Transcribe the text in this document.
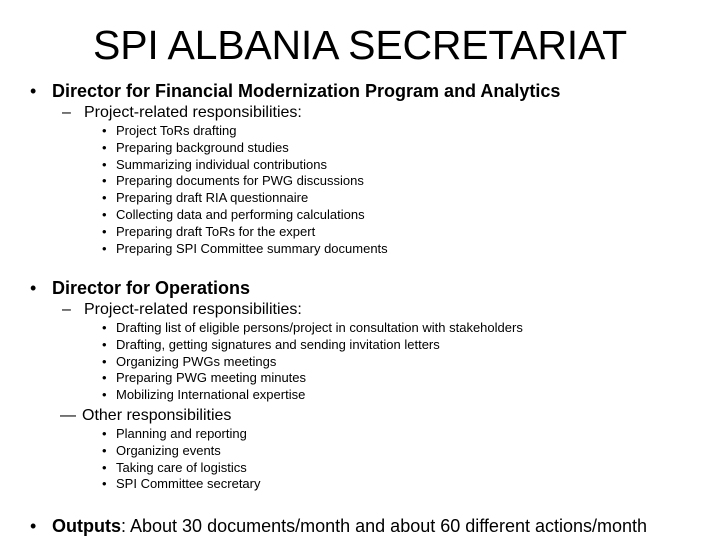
SPI ALBANIA SECRETARIAT
• Director for Financial Modernization Program and Analytics
– Project-related responsibilities:
• Project ToRs drafting
• Preparing background studies
• Summarizing individual contributions
• Preparing documents for PWG discussions
• Preparing draft RIA questionnaire
• Collecting data and performing calculations
• Preparing draft ToRs for the expert
• Preparing SPI Committee summary documents
• Director for Operations
– Project-related responsibilities:
• Drafting list of eligible persons/project in consultation with stakeholders
• Drafting, getting signatures and sending invitation letters
• Organizing PWGs meetings
• Preparing PWG meeting minutes
• Mobilizing International expertise
— Other responsibilities
• Planning and reporting
• Organizing events
• Taking care of logistics
• SPI Committee secretary
• Outputs: About 30 documents/month and about 60 different actions/month
